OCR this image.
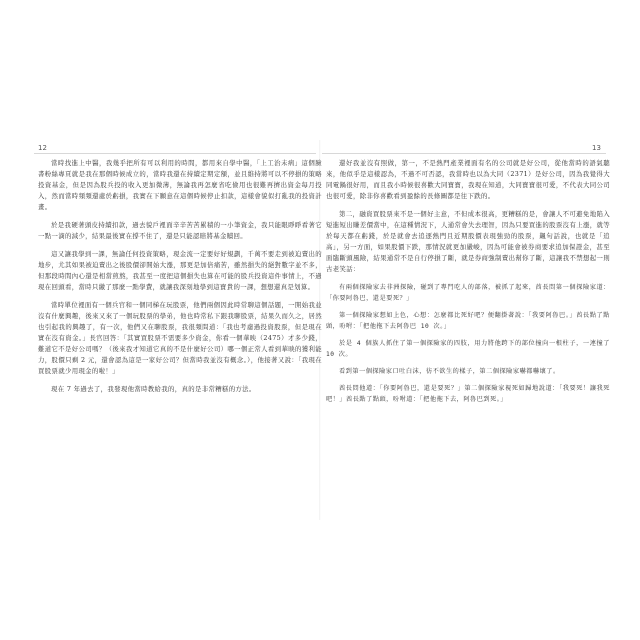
12	13

當時找進上中醫，我幾乎把所有可以利用的時間，都用來自學中醫，「上工治未病」這個臉書粉絲專頁就是我在那個時候成立的，當時我還在持續定期定額，並且維持將可以不停損的策略投資基金，但是因為股兵投的收入更加微薄，無論我再怎麼省吃儉用也很難再擠出資金每月投入，然而當時頻頻還處於虧損，我實在下願意在這個時候停止扣款，這樣會貌似打亂我的投資計畫。

於是我硬著頭皮持續扣款，過去貌戶裡面辛辛苦苦累積的一小筆資金，我只能眼睜睜看著它一點一滴的減少，結果最後實在撐不住了，還是只能認賠將基金贖回。

這又讓我學到一課，無論任何投資策略，現金流一定要好好規劃，千萬不要走到被迫賣出的地步，尤其如果被迫賣出之後股價卻開始大漲，那更是加倍痛苦，雖然損失的絕對數字並不多，但那段時間內心還是相當煎熬，我甚至一度把這個損失也算在可能的股兵投資這件事情上，不過現在回頭看，當時只繳了那麼一點學費，就讓我深刻地學到這寶貴的一課，想想還真是划算。

當時單位裡面有一個兵官和一個同梯在玩股票，他們兩個因此時常聊這個話題，一開始我並沒有什麼興趣，後來又來了一個玩股票的學弟，他也時常私下跟我聊股票，結果久而久之，居然也引起我的興趣了，有一次，他們又在聊股票，我很頻問道：「我也考慮過投資股票，但是現在實在沒有資金。」長官回答：「其實買股票不需要多少資金，你看一個華映（2475）才多少錢，難道它不是好公司嗎？（後來我才知道它真的不是什麼好公司）哪一個正常人看到華映的獲利能力，股價只剩 2 元，還會認為這是一家好公司？但當時我並沒有概念。），他接著又說：「我現在買股票就少用現金的啦！」

現在 7 年過去了，我發現他當時教給我的，真的是非常糟糕的方法。

還好我並沒有照做，第一，不是熱門產業裡面有名的公司就是好公司，從他當時的語氣聽來，他似乎是這樣認為，不過不可否認，我當時也以為大同（2371）是好公司，因為我覺得大同電鍋很好用，而且我小時候很喜歡大同寶寶，我現在知道，大同寶寶很可愛，不代表大同公司也很可愛，除非你喜歡看到盈餘的長條圖都是往下跌的。

第二，融資買股票來不是一個好主意，不但成本很高，更糟糕的是，會讓人不可避免地陷入短進短出賺差價當中，在這種情況下，人通常會失去理智，因為只要買進的股票沒有上漲，就等於每天都在虧錢，於是就會去追逐熱門且近期股價表現強勁的股票，飆句話說，也就是「追高」，另一方面，如果股價下跌，那情況就更加嚴峻，因為可能會被券商要求追加保證金，甚至面臨斷頭風險，結果通常不是自行停損了斷，就是券商強制賣出幫你了斷，這讓我不禁想起一則古老笑話：

有兩個探險家去非洲探險，碰到了專門吃人的部落，被抓了起來，酋長問第一個探險家道：「你要阿魯巴，還是要死？」

第一個探險家想如上色，心想：怎麼都比死好吧？便翻掛著說：「我要阿魯巴。」酋長點了點頭，吩咐：「把他拖下去阿魯巴 10 次。」

於是 4 個族人抓住了第一個探險家的四肢，用力將他跨下的部位撞向一根柱子，一連撞了 10 次。

看到第一個探險家口吐白沫，彷不欲生的樣子，第二個探險家嚇都嚇壞了。

酋長問他道：「你要阿魯巴，還是要死？」第二個探險家視死如歸地說道：「我要死！讓我死吧！」酋長點了點頭，吩咐道：「把他拖下去，阿魯巴到死。」
